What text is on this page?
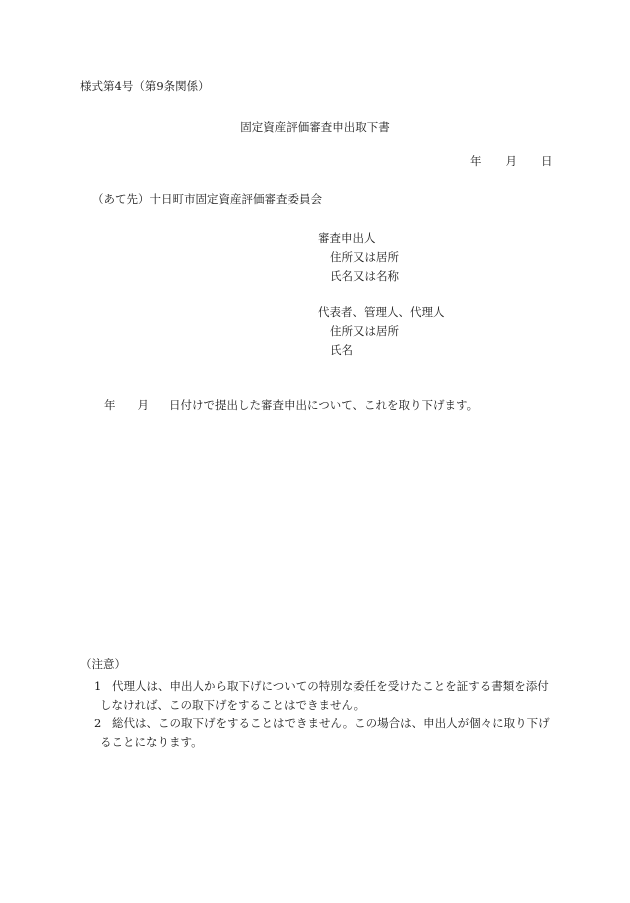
様式第4号（第9条関係）
固定資産評価審査申出取下書
年 月 日
（あて先）十日町市固定資産評価審査委員会
審査申出人
住所又は居所
氏名又は名称
代表者、管理人、代理人
住所又は居所
氏名
年 月 日付けで提出した審査申出について、これを取り下げます。
（注意）
1 代理人は、申出人から取下げについての特別な委任を受けたことを証する書類を添付
しなければ、この取下げをすることはできません。
2 総代は、この取下げをすることはできません。この場合は、申出人が個々に取り下げ
ることになります。
